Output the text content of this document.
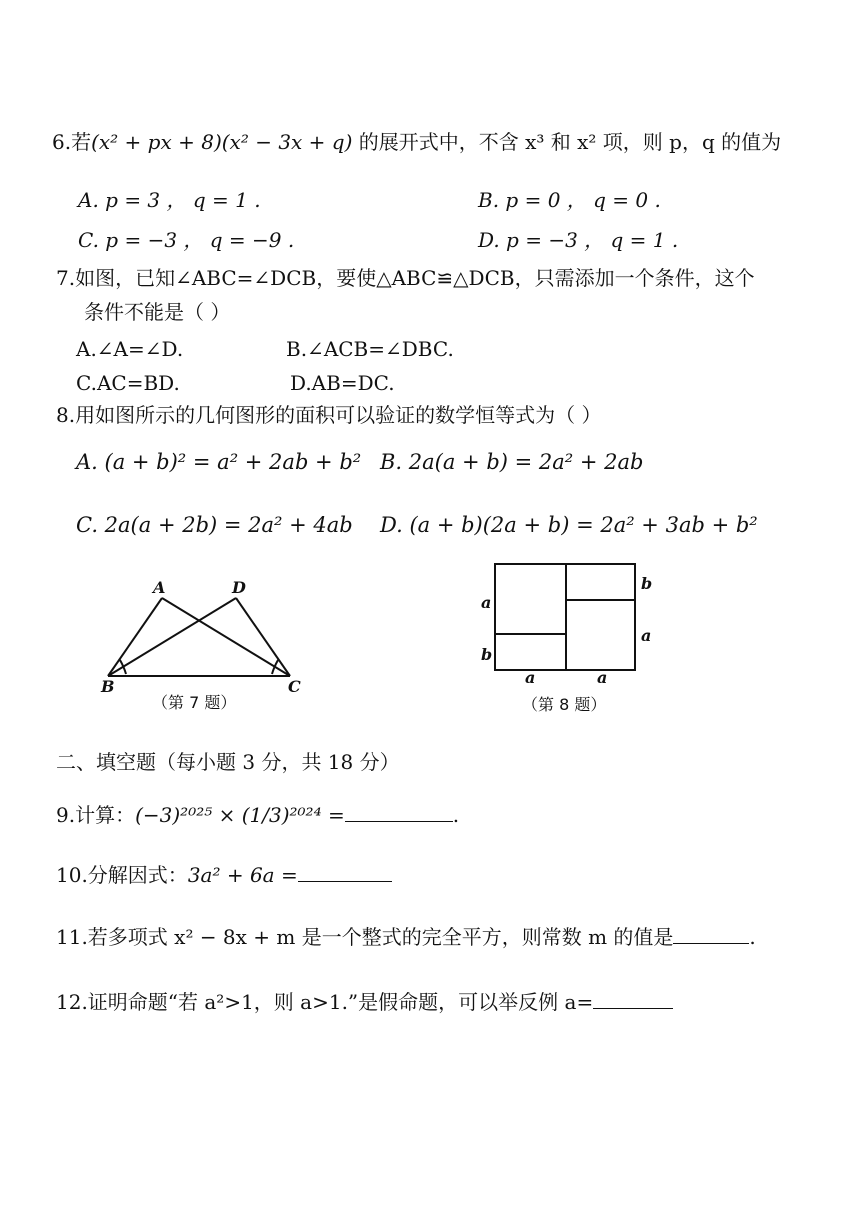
6.若(x² + px + 8)(x² − 3x + q) 的展开式中，不含 x³ 和 x² 项，则 p，q 的值为
A. p = 3 ， q = 1 .	B. p = 0 ， q = 0 .
C. p = −3 ， q = −9 .	D. p = −3 ， q = 1 .
7.如图，已知∠ABC=∠DCB，要使△ABC≌△DCB，只需添加一个条件，这个
条件不能是（ ）
A.∠A=∠D.	B.∠ACB=∠DBC.
C.AC=BD.	D.AB=DC.
8.用如图所示的几何图形的面积可以验证的数学恒等式为（ ）
A. (a + b)² = a² + 2ab + b² B. 2a(a + b) = 2a² + 2ab
C. 2a(a + 2b) = 2a² + 4ab D. (a + b)(2a + b) = 2a² + 3ab + b²
A	D
B	C
（第 7 题）
a
b
b
a
a	a
（第 8 题）
二、填空题（每小题 3 分，共 18 分）
9.计算：(−3)²⁰²⁵ × (1/3)²⁰²⁴ =	.
10.分解因式：3a² + 6a =
11.若多项式 x² − 8x + m 是一个整式的完全平方，则常数 m 的值是	.
12.证明命题“若 a²>1，则 a>1.”是假命题，可以举反例 a=
